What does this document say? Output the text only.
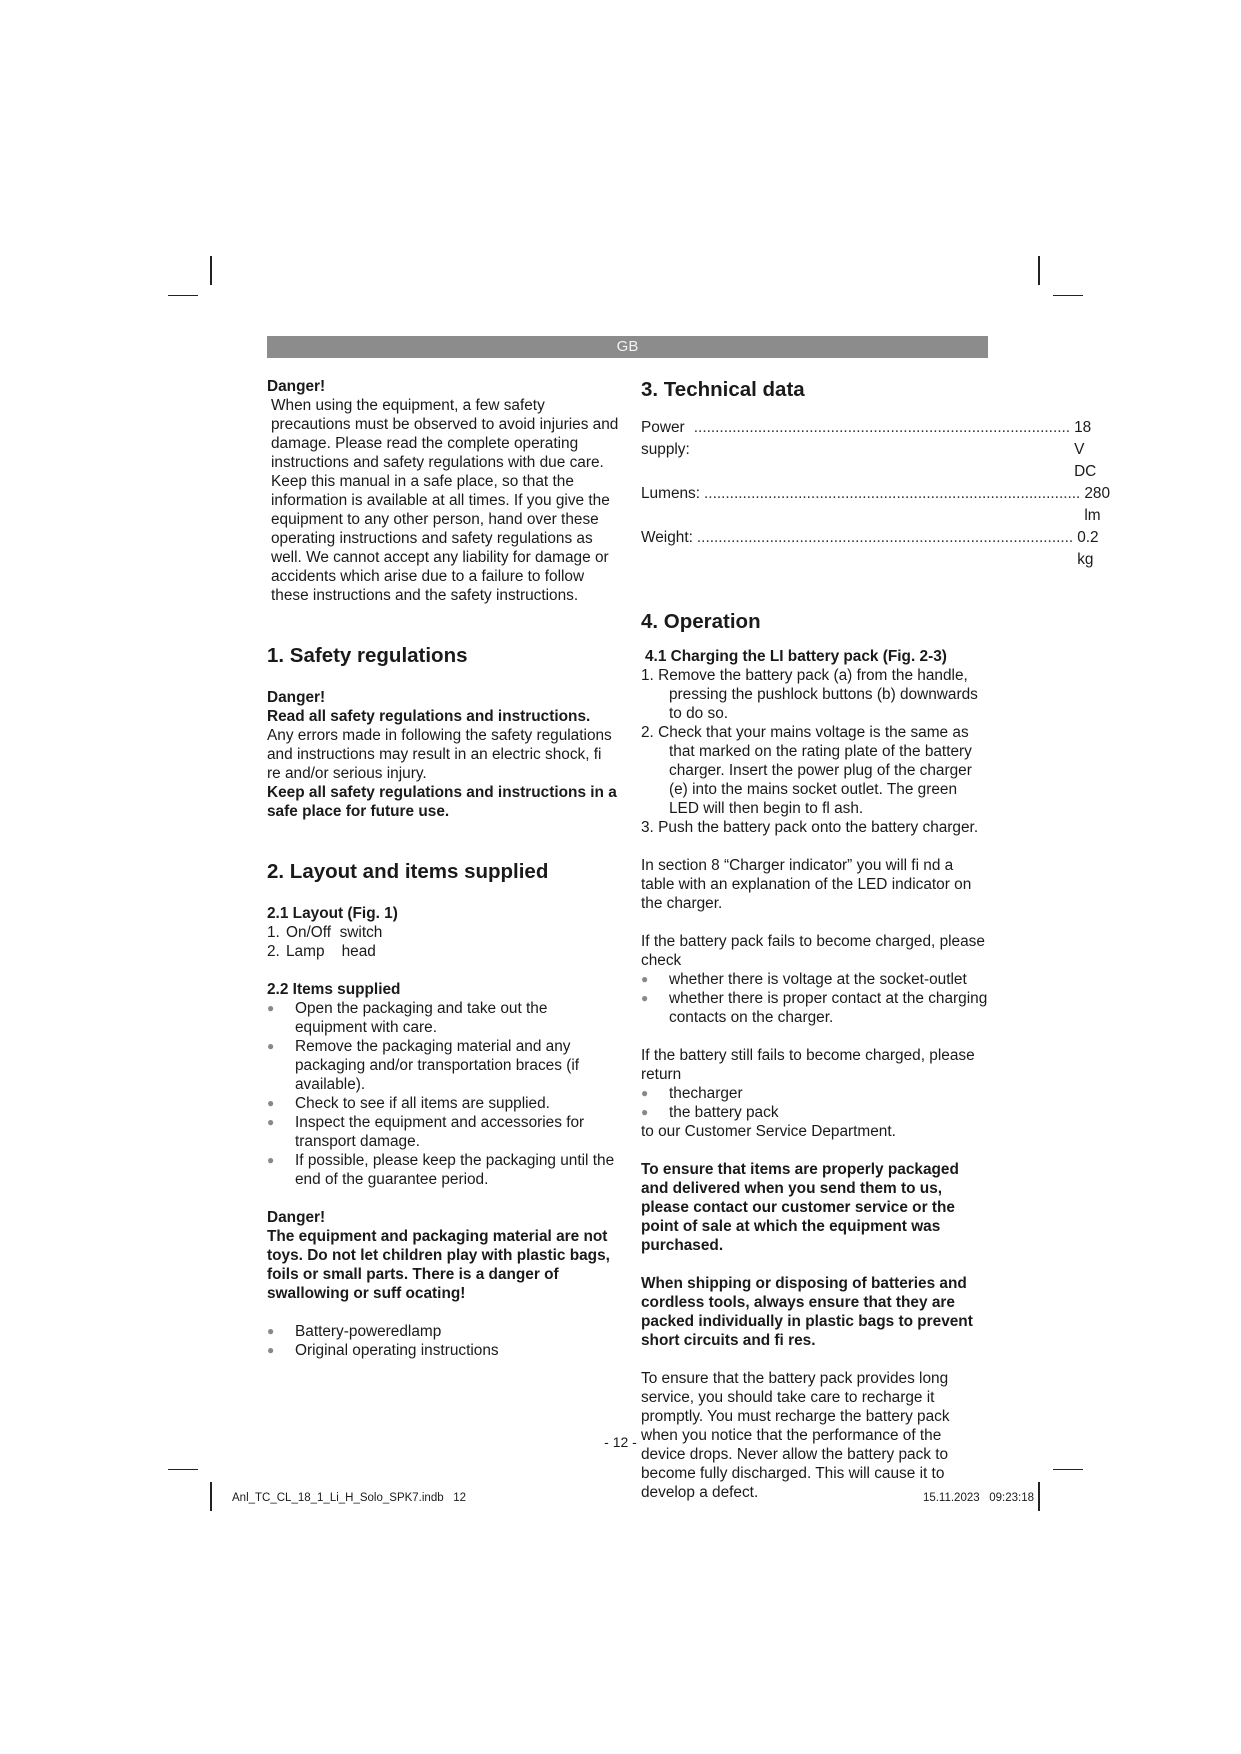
GB

Danger!

When using the equipment, a few safety precautions must be observed to avoid injuries and damage. Please read the complete operating instructions and safety regulations with due care. Keep this manual in a safe place, so that the information is available at all times. If you give the equipment to any other person, hand over these operating instructions and safety regulations as well. We cannot accept any liability for damage or accidents which arise due to a failure to follow these instructions and the safety instructions.

1. Safety regulations

Danger!

Read all safety regulations and instructions.

Any errors made in following the safety regulations and instructions may result in an electric shock, fi re and/or serious injury.

Keep all safety regulations and instructions in a safe place for future use.

2. Layout and items supplied

2.1 Layout (Fig. 1)

1. On/Off  switch
2. Lamp    head

2.2 Items supplied

●	Open the packaging and take out the equipment with care.
●	Remove the packaging material and any packaging and/or transportation braces (if available).
●	Check to see if all items are supplied.
●	Inspect the equipment and accessories for transport damage.
●	If possible, please keep the packaging until the end of the guarantee period.

Danger!

The equipment and packaging material are not toys. Do not let children play with plastic bags, foils or small parts. There is a danger of swallowing or suff ocating!

●	Battery-poweredlamp
●	Original operating instructions

3. Technical data

Power supply:
........................................................................................ 18 V DC
Lumens: ........................................................................................ 280 lm
Weight: ........................................................................................ 0.2 kg

4. Operation

4.1 Charging the LI battery pack (Fig. 2-3)

1. Remove the battery pack (a) from the handle, pressing the pushlock buttons (b) downwards to do so.
2. Check that your mains voltage is the same as that marked on the rating plate of the battery charger. Insert the power plug of the charger (e) into the mains socket outlet. The green LED will then begin to fl ash.
3. Push the battery pack onto the battery charger.

In section 8 “Charger indicator” you will fi nd a table with an explanation of the LED indicator on the charger.

If the battery pack fails to become charged, please check

●	whether there is voltage at the socket-outlet
●	whether there is proper contact at the charging contacts on the charger.

If the battery still fails to become charged, please return

●	thecharger
●	the battery pack

to our Customer Service Department.

To ensure that items are properly packaged and delivered when you send them to us, please contact our customer service or the point of sale at which the equipment was purchased.

When shipping or disposing of batteries and cordless tools, always ensure that they are packed individually in plastic bags to prevent short circuits and fi res.

To ensure that the battery pack provides long service, you should take care to recharge it promptly. You must recharge the battery pack when you notice that the performance of the device drops. Never allow the battery pack to become fully discharged. This will cause it to develop a defect.

- 12 -
Anl_TC_CL_18_1_Li_H_Solo_SPK7.indb   12	15.11.2023   09:23:18
